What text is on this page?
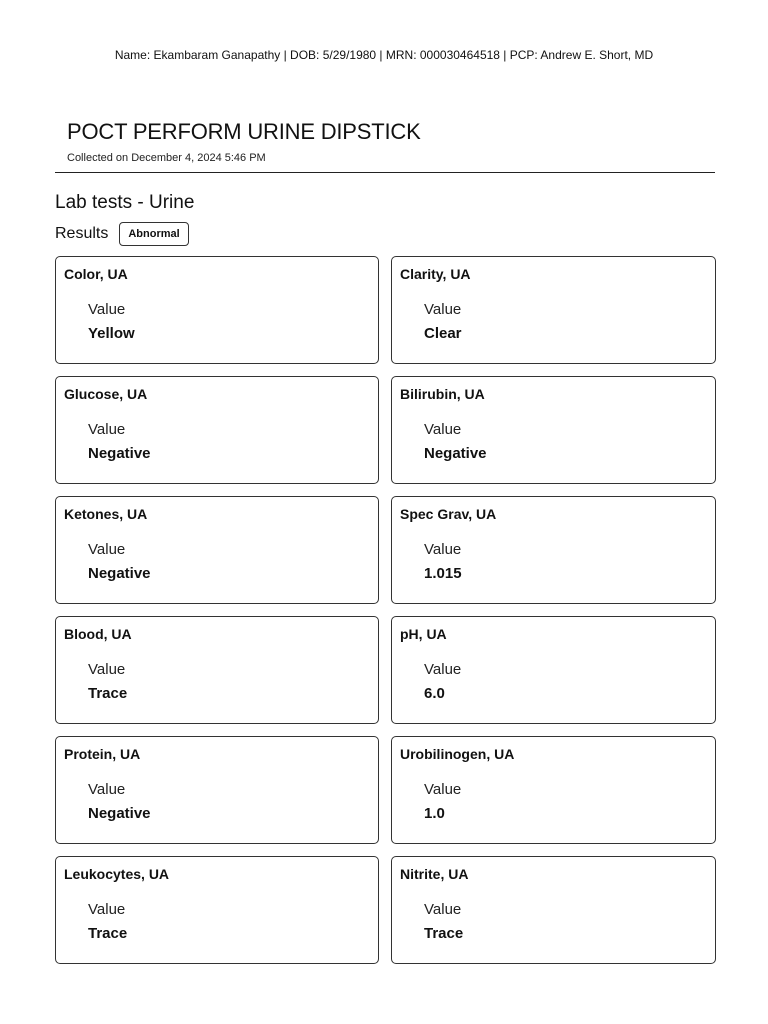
Name: Ekambaram Ganapathy | DOB: 5/29/1980 | MRN: 000030464518 | PCP: Andrew E. Short, MD
POCT PERFORM URINE DIPSTICK
Collected on December 4, 2024 5:46 PM
Lab tests - Urine
Results	Abnormal
Color, UA
Value
Yellow
Clarity, UA
Value
Clear
Glucose, UA
Value
Negative
Bilirubin, UA
Value
Negative
Ketones, UA
Value
Negative
Spec Grav, UA
Value
1.015
Blood, UA
Value
Trace
pH, UA
Value
6.0
Protein, UA
Value
Negative
Urobilinogen, UA
Value
1.0
Leukocytes, UA
Value
Trace
Nitrite, UA
Value
Trace
